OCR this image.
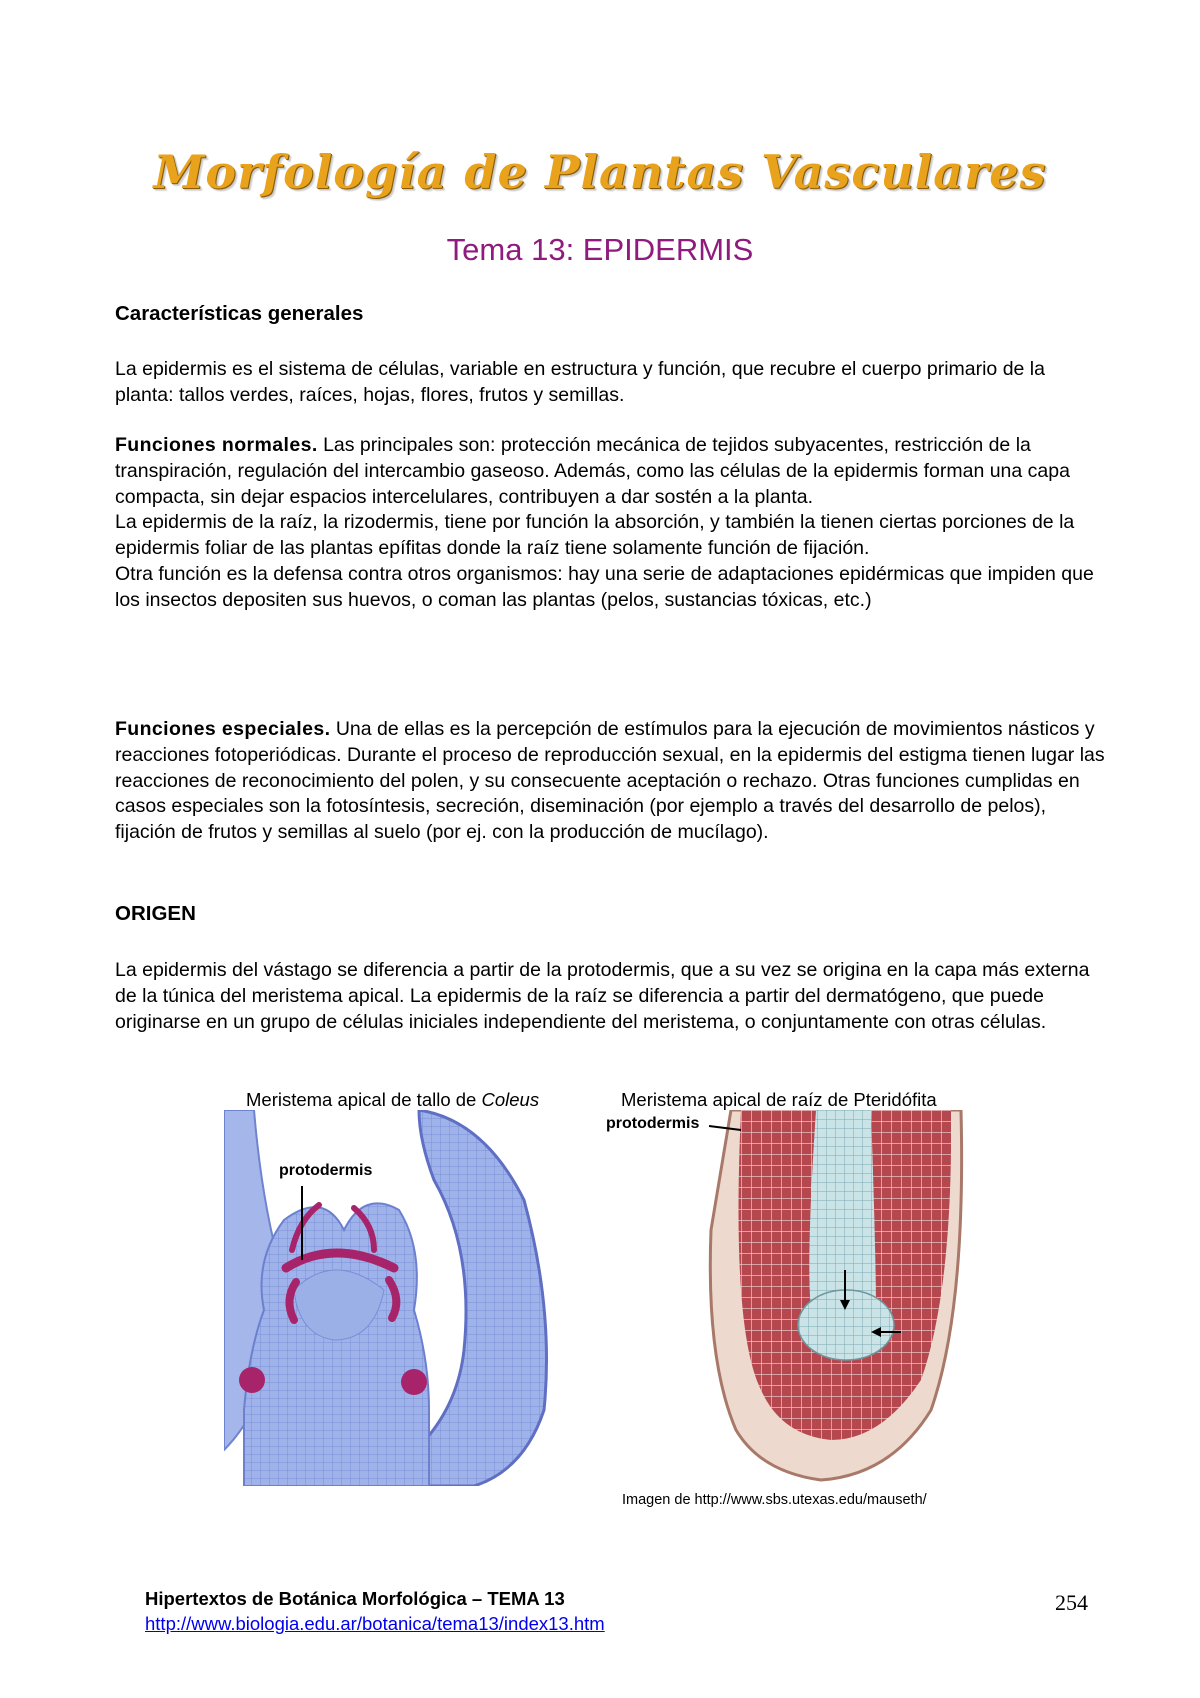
Morfología de Plantas Vasculares
Tema 13: EPIDERMIS
Características generales

La epidermis es el sistema de células, variable en estructura y función, que recubre el cuerpo primario de la planta: tallos verdes, raíces, hojas, flores, frutos y semillas.

Funciones normales. Las principales son: protección mecánica de tejidos subyacentes, restricción de la transpiración, regulación del intercambio gaseoso. Además, como las células de la epidermis forman una capa compacta, sin dejar espacios intercelulares, contribuyen a dar sostén a la planta.

La epidermis de la raíz, la rizodermis, tiene por función la absorción, y también la tienen ciertas porciones de la epidermis foliar de las plantas epífitas donde la raíz tiene solamente función de fijación.

Otra función es la defensa contra otros organismos: hay una serie de adaptaciones epidérmicas que impiden que los insectos depositen sus huevos, o coman las plantas (pelos, sustancias tóxicas, etc.)

Funciones especiales. Una de ellas es la percepción de estímulos para la ejecución de movimientos násticos y reacciones fotoperiódicas. Durante el proceso de reproducción sexual, en la epidermis del estigma tienen lugar las reacciones de reconocimiento del polen, y su consecuente aceptación o rechazo. Otras funciones cumplidas en casos especiales son la fotosíntesis, secreción, diseminación (por ejemplo a través del desarrollo de pelos), fijación de frutos y semillas al suelo (por ej. con la producción de mucílago).

ORIGEN

La epidermis del vástago se diferencia a partir de la protodermis, que a su vez se origina en la capa más externa de la túnica del meristema apical. La epidermis de la raíz se diferencia a partir del dermatógeno, que puede originarse en un grupo de células iniciales independiente del meristema, o conjuntamente con otras células.

Meristema apical de tallo de Coleus	Meristema apical de raíz de Pteridófita
protodermis
protodermis
Imagen de http://www.sbs.utexas.edu/mauseth/
Hipertextos de Botánica Morfológica – TEMA 13
http://www.biologia.edu.ar/botanica/tema13/index13.htm
254
